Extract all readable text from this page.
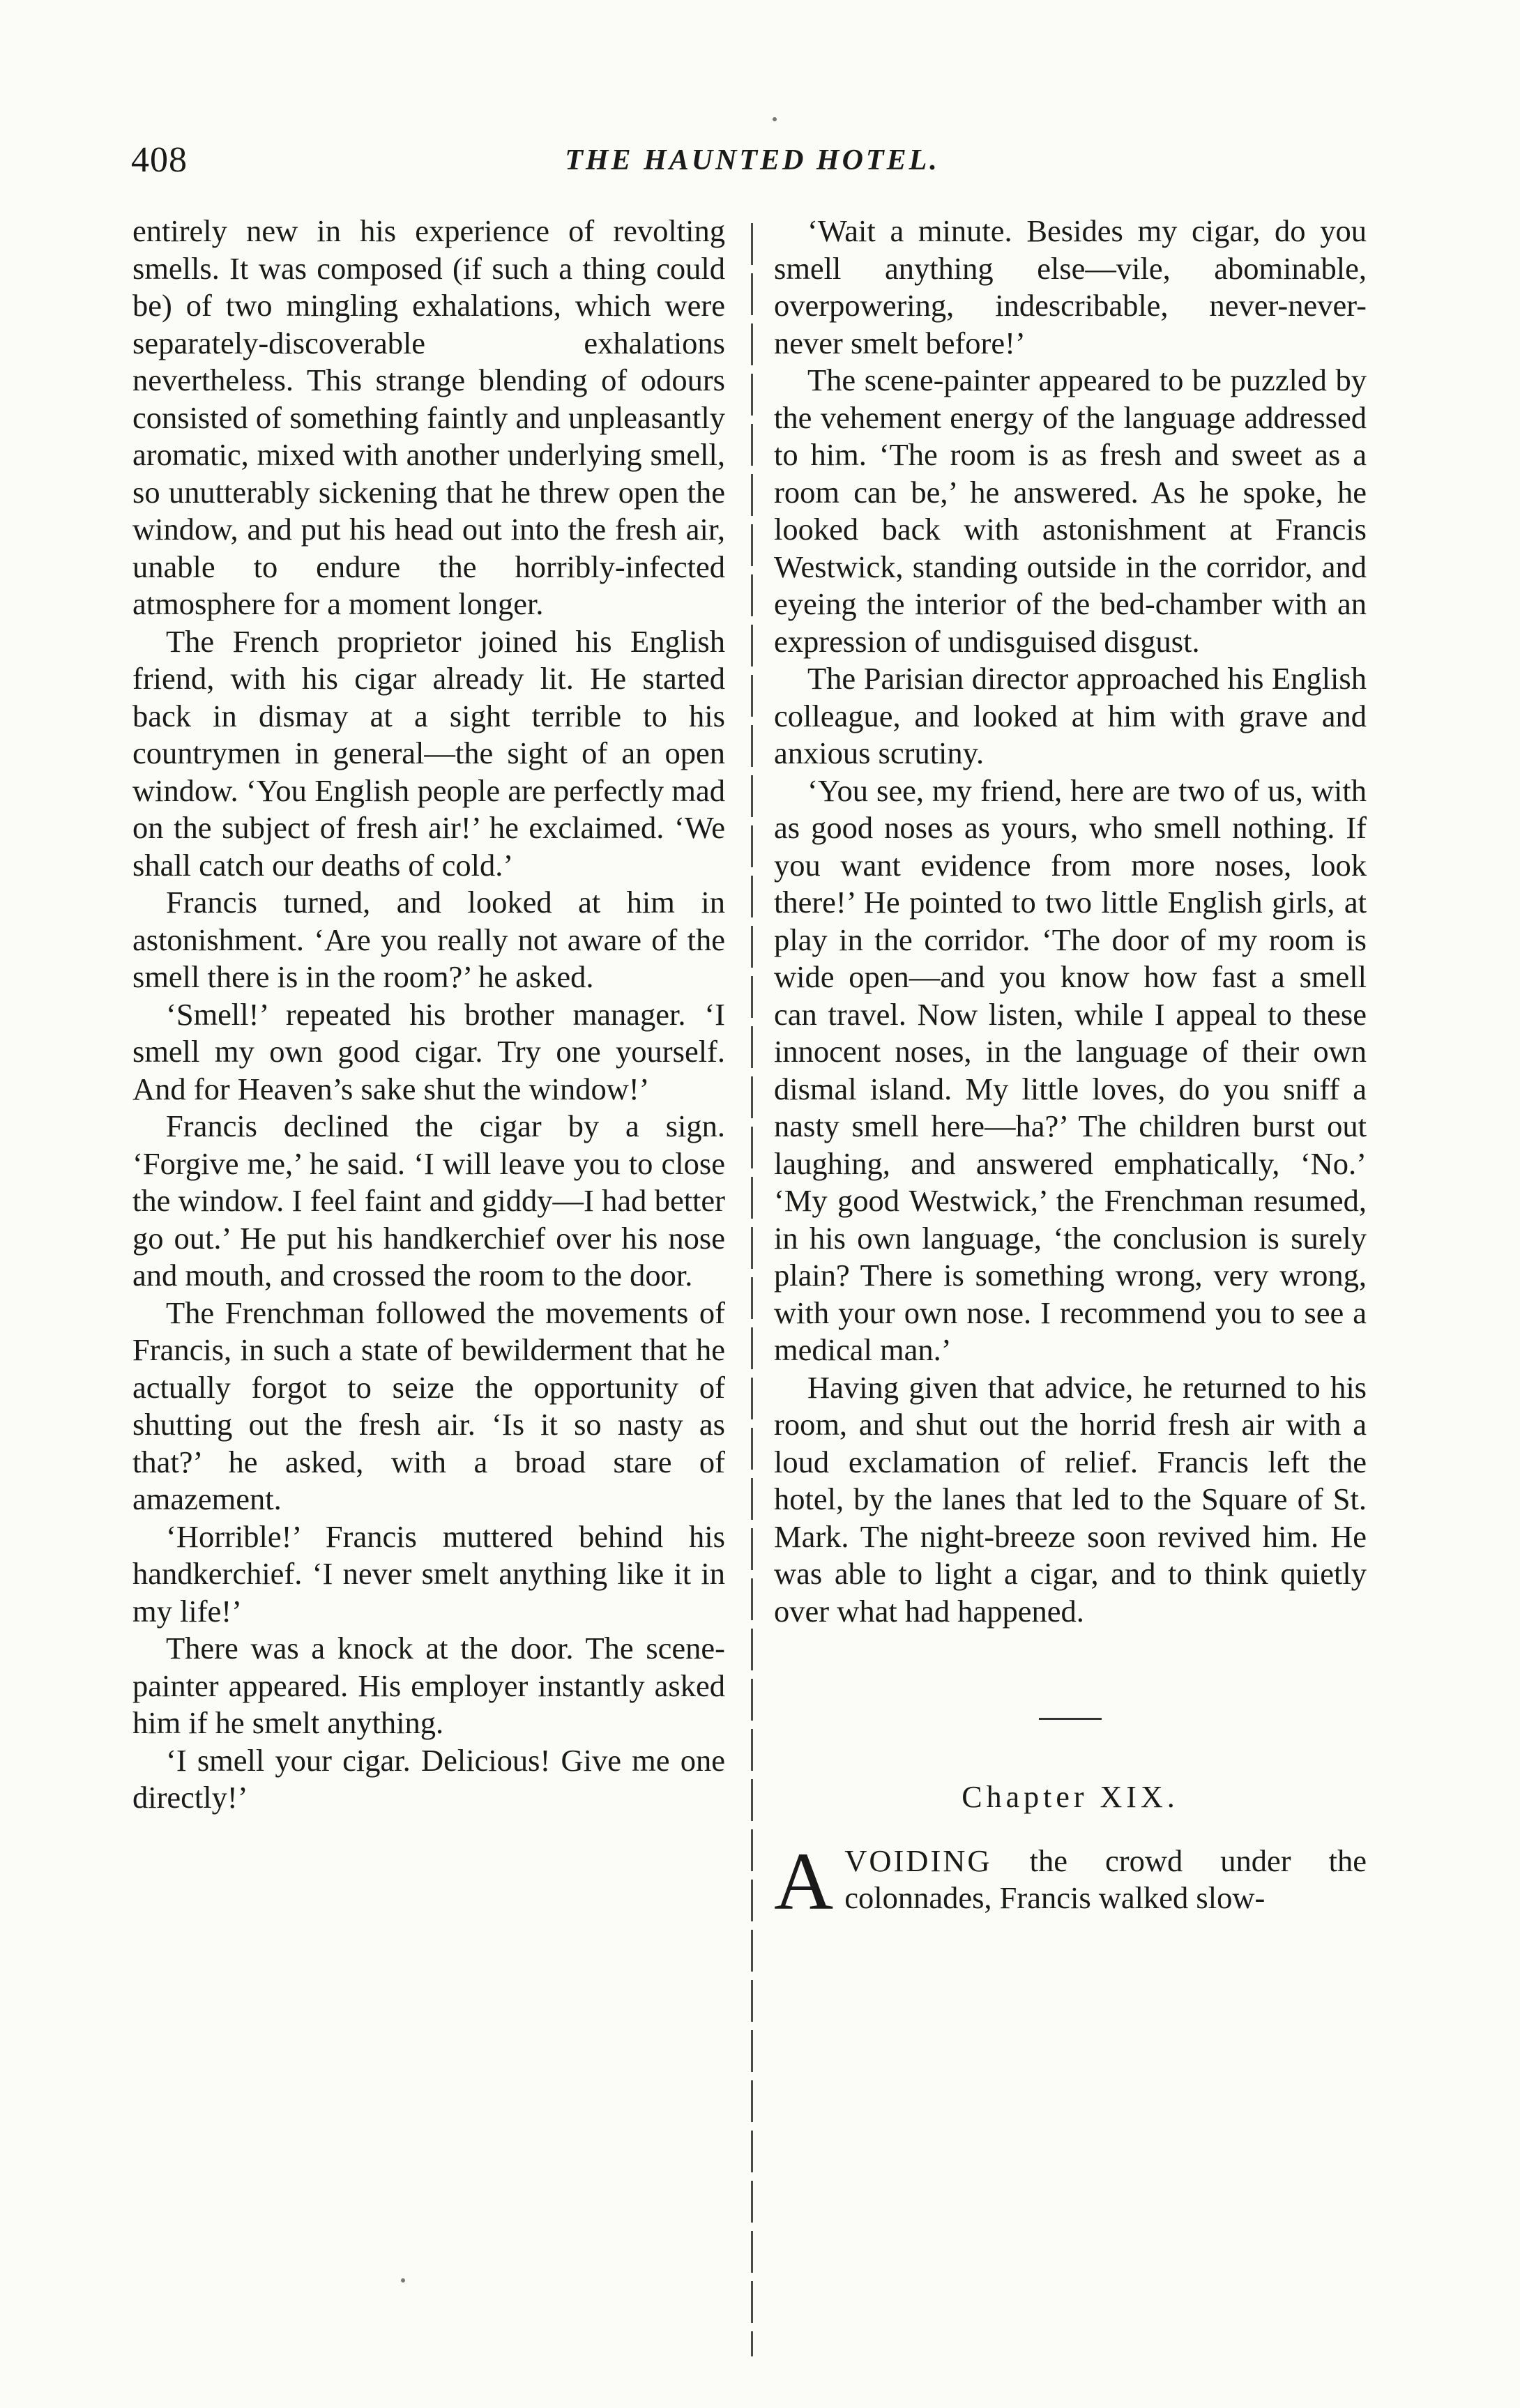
408	THE HAUNTED HOTEL.

entirely new in his experience of revolting smells. It was composed (if such a thing could be) of two mingling exhalations, which were separately-discoverable exhalations nevertheless. This strange blending of odours consisted of something faintly and unpleasantly aromatic, mixed with another underlying smell, so unutterably sickening that he threw open the window, and put his head out into the fresh air, unable to endure the horribly-infected atmosphere for a moment longer.

The French proprietor joined his English friend, with his cigar already lit. He started back in dismay at a sight terrible to his countrymen in general—the sight of an open window. ‘You English people are perfectly mad on the subject of fresh air!’ he exclaimed. ‘We shall catch our deaths of cold.’

Francis turned, and looked at him in astonishment. ‘Are you really not aware of the smell there is in the room?’ he asked.

‘Smell!’ repeated his brother manager. ‘I smell my own good cigar. Try one yourself. And for Heaven’s sake shut the window!’

Francis declined the cigar by a sign. ‘Forgive me,’ he said. ‘I will leave you to close the window. I feel faint and giddy—I had better go out.’ He put his handkerchief over his nose and mouth, and crossed the room to the door.

The Frenchman followed the movements of Francis, in such a state of bewilderment that he actually forgot to seize the opportunity of shutting out the fresh air. ‘Is it so nasty as that?’ he asked, with a broad stare of amazement.

‘Horrible!’ Francis muttered behind his handkerchief. ‘I never smelt anything like it in my life!’

There was a knock at the door. The scene-painter appeared. His employer instantly asked him if he smelt anything.

‘I smell your cigar. Delicious! Give me one directly!’

‘Wait a minute. Besides my cigar, do you smell anything else—vile, abominable, overpowering, indescribable, never-never-never smelt before!’

The scene-painter appeared to be puzzled by the vehement energy of the language addressed to him. ‘The room is as fresh and sweet as a room can be,’ he answered. As he spoke, he looked back with astonishment at Francis Westwick, standing outside in the corridor, and eyeing the interior of the bed-chamber with an expression of undisguised disgust.

The Parisian director approached his English colleague, and looked at him with grave and anxious scrutiny.

‘You see, my friend, here are two of us, with as good noses as yours, who smell nothing. If you want evidence from more noses, look there!’ He pointed to two little English girls, at play in the corridor. ‘The door of my room is wide open—and you know how fast a smell can travel. Now listen, while I appeal to these innocent noses, in the language of their own dismal island. My little loves, do you sniff a nasty smell here—ha?’ The children burst out laughing, and answered emphatically, ‘No.’ ‘My good Westwick,’ the Frenchman resumed, in his own language, ‘the conclusion is surely plain? There is something wrong, very wrong, with your own nose. I recommend you to see a medical man.’

Having given that advice, he returned to his room, and shut out the horrid fresh air with a loud exclamation of relief. Francis left the hotel, by the lanes that led to the Square of St. Mark. The night-breeze soon revived him. He was able to light a cigar, and to think quietly over what had happened.

Chapter XIX.

AVOIDING the crowd under the colonnades, Francis walked slow-
